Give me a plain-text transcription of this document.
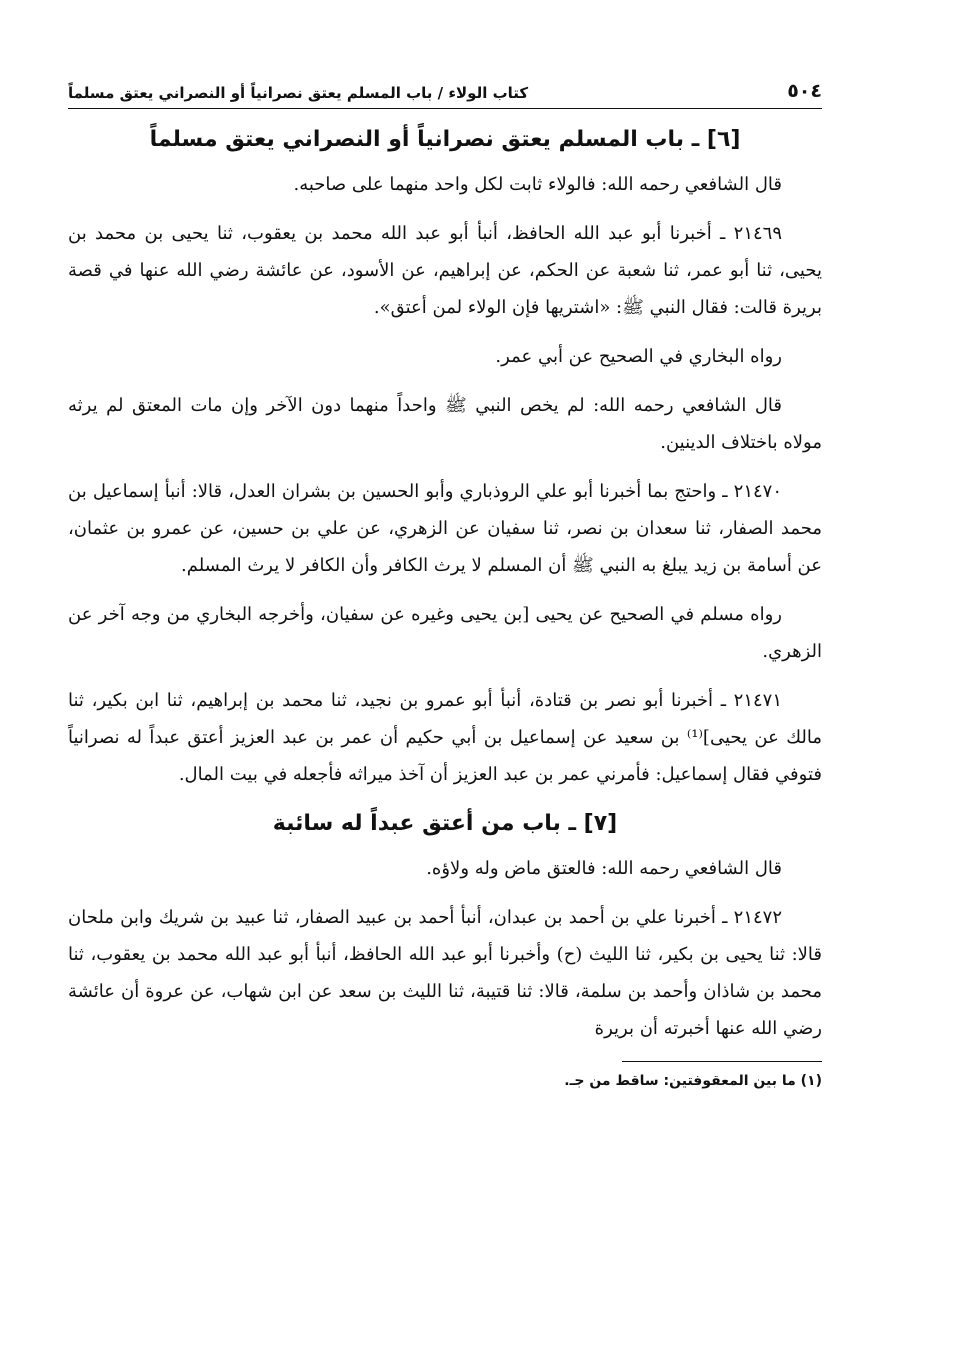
٥٠٤
كتاب الولاء / باب المسلم يعتق نصرانياً أو النصراني يعتق مسلماً
[٦] ـ باب المسلم يعتق نصرانياً أو النصراني يعتق مسلماً

قال الشافعي رحمه الله: فالولاء ثابت لكل واحد منهما على صاحبه.

٢١٤٦٩ ـ أخبرنا أبو عبد الله الحافظ، أنبأ أبو عبد الله محمد بن يعقوب، ثنا يحيى بن محمد بن يحيى، ثنا أبو عمر، ثنا شعبة عن الحكم، عن إبراهيم، عن الأسود، عن عائشة رضي الله عنها في قصة بريرة قالت: فقال النبي ﷺ: «اشتريها فإن الولاء لمن أعتق».

رواه البخاري في الصحيح عن أبي عمر.

قال الشافعي رحمه الله: لم يخص النبي ﷺ واحداً منهما دون الآخر وإن مات المعتق لم يرثه مولاه باختلاف الدينين.

٢١٤٧٠ ـ واحتج بما أخبرنا أبو علي الروذباري وأبو الحسين بن بشران العدل، قالا: أنبأ إسماعيل بن محمد الصفار، ثنا سعدان بن نصر، ثنا سفيان عن الزهري، عن علي بن حسين، عن عمرو بن عثمان، عن أسامة بن زيد يبلغ به النبي ﷺ أن المسلم لا يرث الكافر وأن الكافر لا يرث المسلم.

رواه مسلم في الصحيح عن يحيى [بن يحيى وغيره عن سفيان، وأخرجه البخاري من وجه آخر عن الزهري.

٢١٤٧١ ـ أخبرنا أبو نصر بن قتادة، أنبأ أبو عمرو بن نجيد، ثنا محمد بن إبراهيم، ثنا ابن بكير، ثنا مالك عن يحيى]⁽¹⁾ بن سعيد عن إسماعيل بن أبي حكيم أن عمر بن عبد العزيز أعتق عبداً له نصرانياً فتوفي فقال إسماعيل: فأمرني عمر بن عبد العزيز أن آخذ ميراثه فأجعله في بيت المال.

[٧] ـ باب من أعتق عبداً له سائبة

قال الشافعي رحمه الله: فالعتق ماض وله ولاؤه.

٢١٤٧٢ ـ أخبرنا علي بن أحمد بن عبدان، أنبأ أحمد بن عبيد الصفار، ثنا عبيد بن شريك وابن ملحان قالا: ثنا يحيى بن بكير، ثنا الليث (ح) وأخبرنا أبو عبد الله الحافظ، أنبأ أبو عبد الله محمد بن يعقوب، ثنا محمد بن شاذان وأحمد بن سلمة، قالا: ثنا قتيبة، ثنا الليث بن سعد عن ابن شهاب، عن عروة أن عائشة رضي الله عنها أخبرته أن بريرة

(١) ما بين المعقوفتين: ساقط من جـ.
